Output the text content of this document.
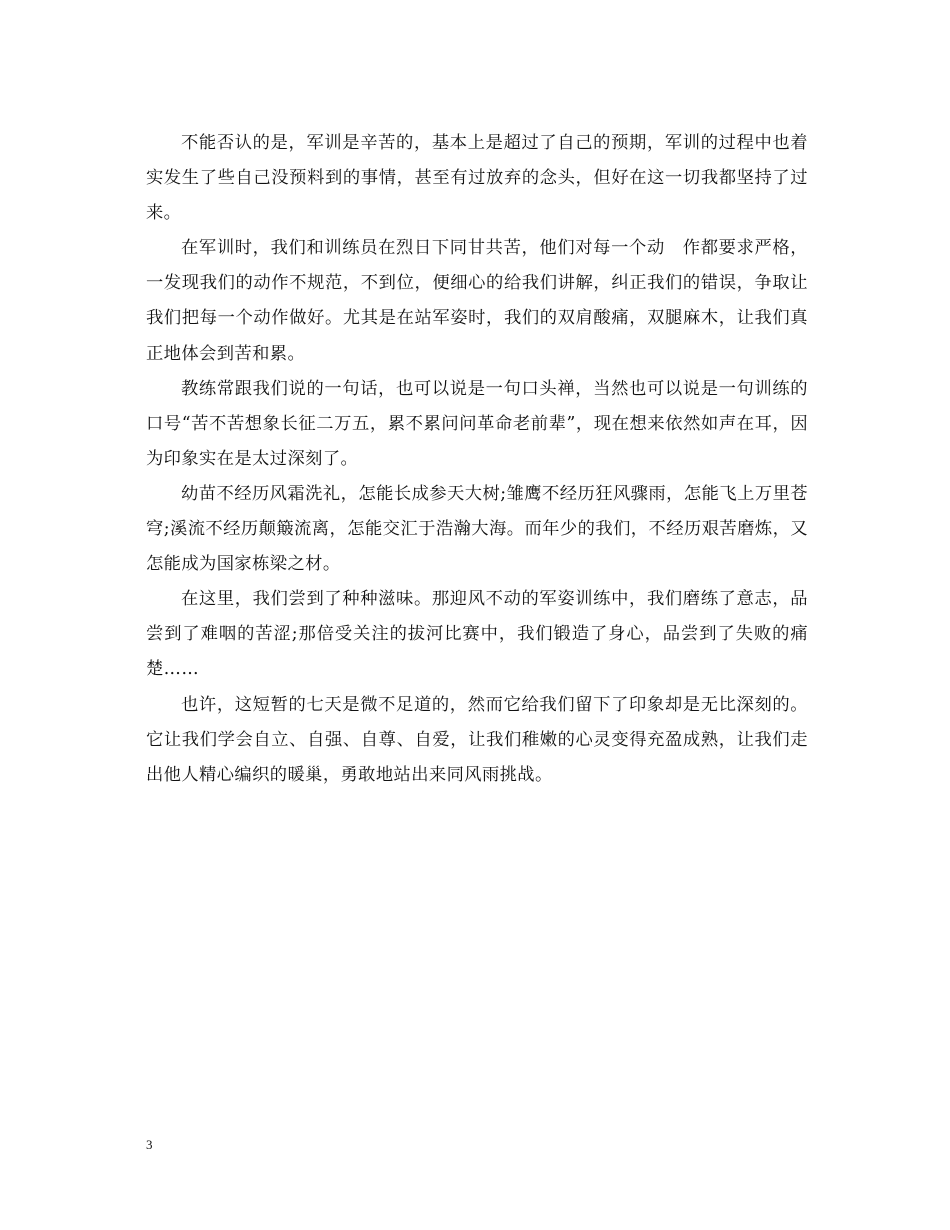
不能否认的是，军训是辛苦的，基本上是超过了自己的预期，军训的过程中也着实发生了些自己没预料到的事情，甚至有过放弃的念头，但好在这一切我都坚持了过来。

在军训时，我们和训练员在烈日下同甘共苦，他们对每一个动　作都要求严格，一发现我们的动作不规范，不到位，便细心的给我们讲解，纠正我们的错误，争取让我们把每一个动作做好。尤其是在站军姿时，我们的双肩酸痛，双腿麻木，让我们真正地体会到苦和累。

教练常跟我们说的一句话，也可以说是一句口头禅，当然也可以说是一句训练的口号“苦不苦想象长征二万五，累不累问问革命老前辈”，现在想来依然如声在耳，因为印象实在是太过深刻了。

幼苗不经历风霜洗礼，怎能长成参天大树;雏鹰不经历狂风骤雨，怎能飞上万里苍穹;溪流不经历颠簸流离，怎能交汇于浩瀚大海。而年少的我们，不经历艰苦磨炼，又怎能成为国家栋梁之材。

在这里，我们尝到了种种滋味。那迎风不动的军姿训练中，我们磨练了意志，品尝到了难咽的苦涩;那倍受关注的拔河比赛中，我们锻造了身心，品尝到了失败的痛楚……

也许，这短暂的七天是微不足道的，然而它给我们留下了印象却是无比深刻的。它让我们学会自立、自强、自尊、自爱，让我们稚嫩的心灵变得充盈成熟，让我们走出他人精心编织的暖巢，勇敢地站出来同风雨挑战。

3
